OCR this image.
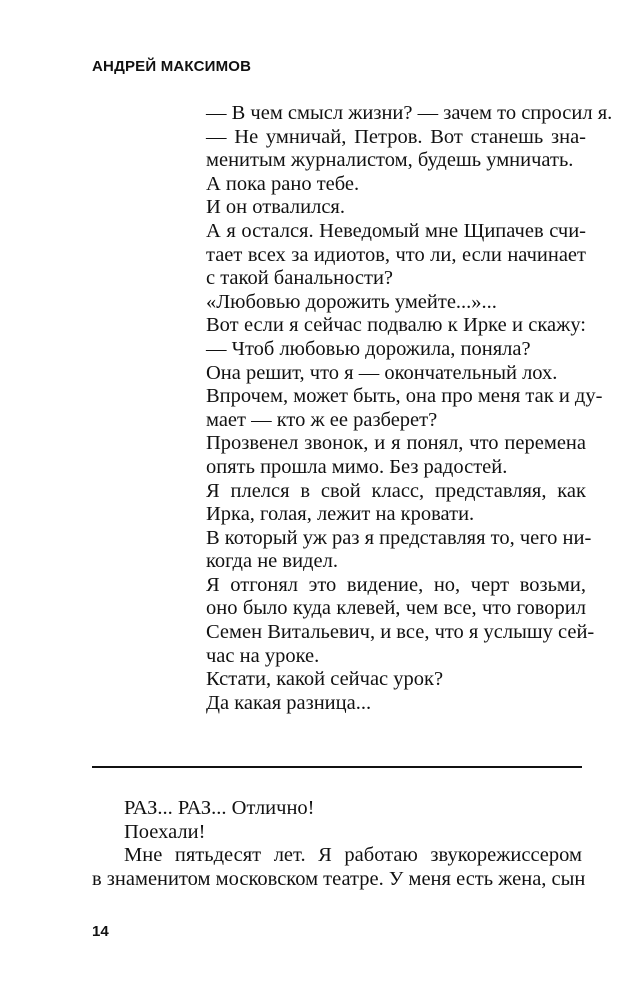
АНДРЕЙ МАКСИМОВ
— В чем смысл жизни? — зачем то спросил я.
— Не умничай, Петров. Вот станешь зна-
менитым журналистом, будешь умничать.
А пока рано тебе.
И он отвалился.
А я остался. Неведомый мне Щипачев счи-
тает всех за идиотов, что ли, если начинает
с такой банальности?
«Любовью дорожить умейте...»...
Вот если я сейчас подвалю к Ирке и скажу:
— Чтоб любовью дорожила, поняла?
Она решит, что я — окончательный лох.
Впрочем, может быть, она про меня так и ду-
мает — кто ж ее разберет?
Прозвенел звонок, и я понял, что перемена
опять прошла мимо. Без радостей.
Я плелся в свой класс, представляя, как
Ирка, голая, лежит на кровати.
В который уж раз я представляя то, чего ни-
когда не видел.
Я отгонял это видение, но, черт возьми,
оно было куда клевей, чем все, что говорил
Семен Витальевич, и все, что я услышу сей-
час на уроке.
Кстати, какой сейчас урок?
Да какая разница...
РАЗ... РАЗ... Отлично!
Поехали!
Мне пятьдесят лет. Я работаю звукорежиссером
в знаменитом московском театре. У меня есть жена, сын
14
